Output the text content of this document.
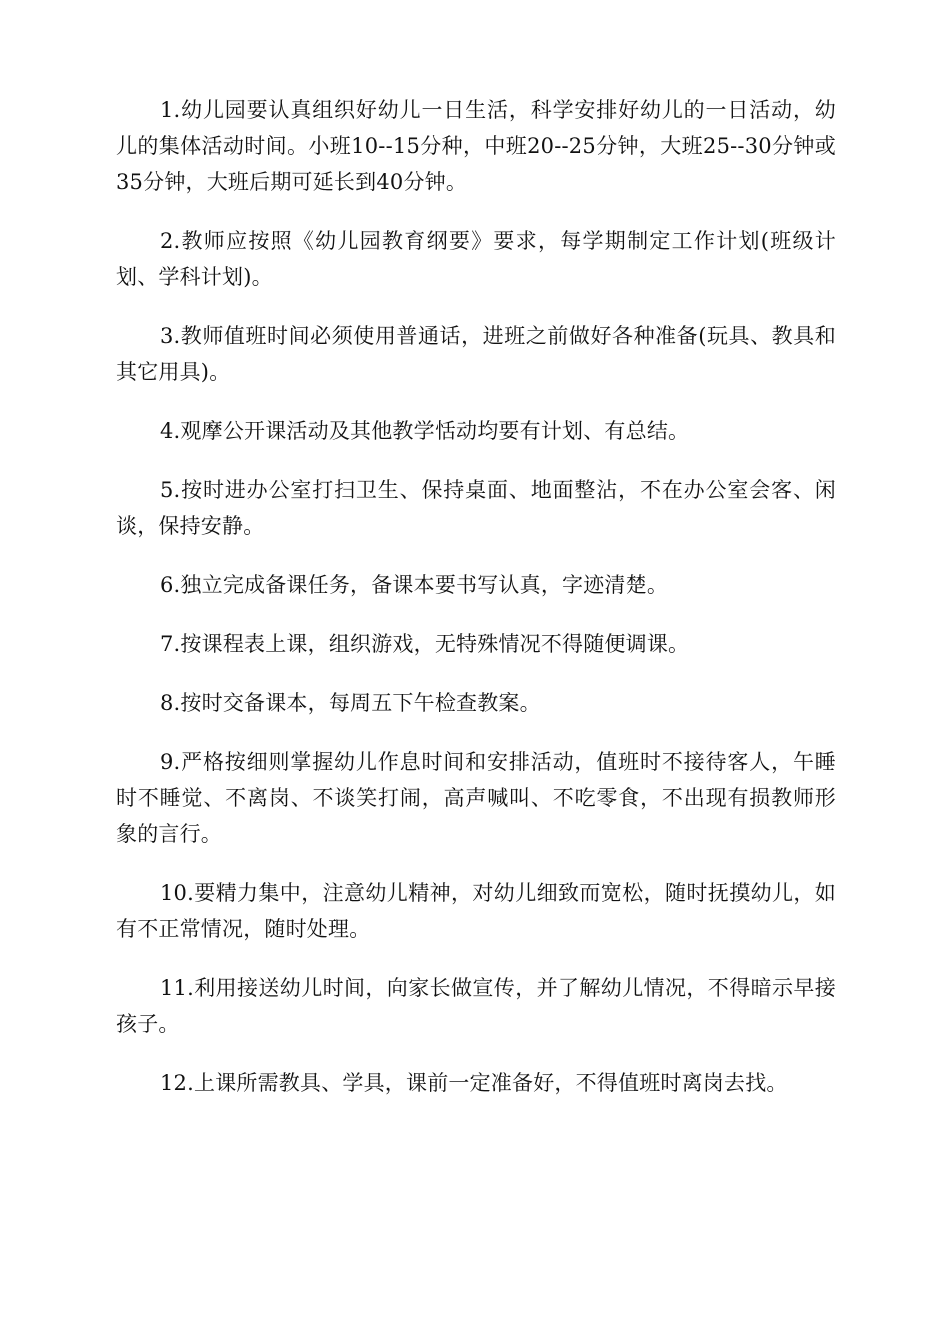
1.幼儿园要认真组织好幼儿一日生活，科学安排好幼儿的一日活动，幼儿的集体活动时间。小班10--15分种，中班20--25分钟，大班25--30分钟或35分钟，大班后期可延长到40分钟。

2.教师应按照《幼儿园教育纲要》要求，每学期制定工作计划(班级计划、学科计划)。

3.教师值班时间必须使用普通话，进班之前做好各种准备(玩具、教具和其它用具)。

4.观摩公开课活动及其他教学恬动均要有计划、有总结。

5.按时进办公室打扫卫生、保持桌面、地面整沾，不在办公室会客、闲谈，保持安静。

6.独立完成备课任务，备课本要书写认真，字迹清楚。

7.按课程表上课，组织游戏，无特殊情况不得随便调课。

8.按时交备课本，每周五下午检查教案。

9.严格按细则掌握幼儿作息时间和安排活动，值班时不接待客人，午睡时不睡觉、不离岗、不谈笑打闹，高声喊叫、不吃零食，不出现有损教师形象的言行。

10.要精力集中，注意幼儿精神，对幼儿细致而宽松，随时抚摸幼儿，如有不正常情况，随时处理。

11.利用接送幼儿时间，向家长做宣传，并了解幼儿情况，不得暗示早接孩子。

12.上课所需教具、学具，课前一定准备好，不得值班时离岗去找。
